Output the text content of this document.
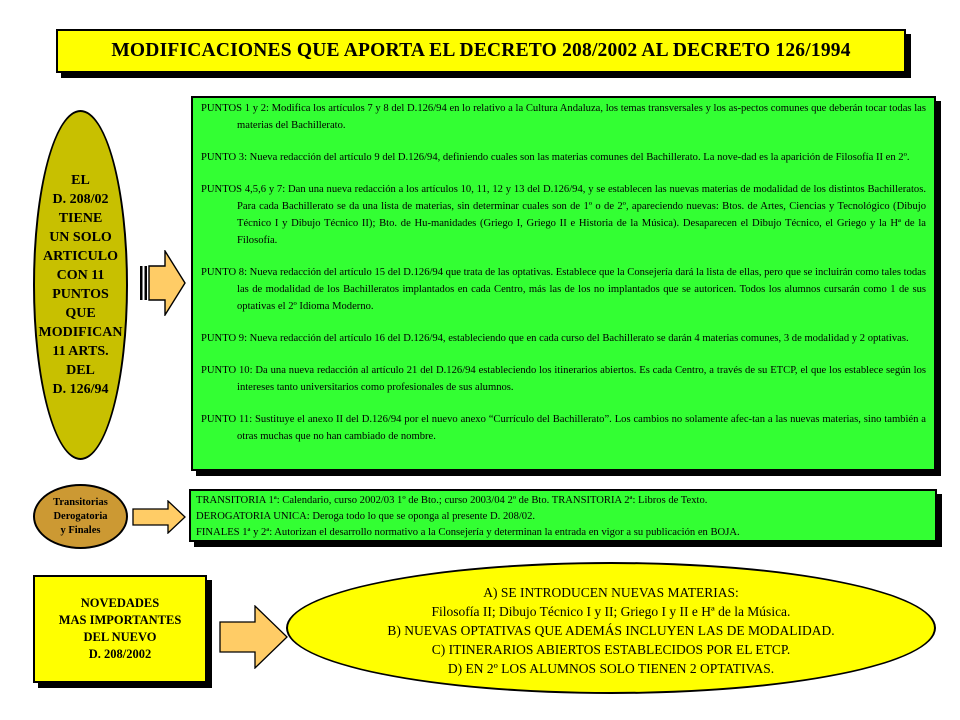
MODIFICACIONES QUE APORTA EL DECRETO 208/2002 AL DECRETO 126/1994
EL
D. 208/02
TIENE
UN SOLO
ARTICULO
CON 11
PUNTOS
QUE
MODIFICAN
11 ARTS.
DEL
D. 126/94

PUNTOS 1 y 2: Modifica los artículos 7 y 8 del D.126/94 en lo relativo a la Cultura Andaluza, los temas transversales y los as-pectos comunes que deberán tocar todas las materias del Bachillerato.

PUNTO 3: Nueva redacción del artículo 9 del D.126/94, definiendo cuales son las materias comunes del Bachillerato. La nove-dad es la aparición de Filosofía II en 2º.

PUNTOS 4,5,6 y 7: Dan una nueva redacción a los artículos 10, 11, 12 y 13 del D.126/94, y se establecen las nuevas materias de modalidad de los distintos Bachilleratos. Para cada Bachillerato se da una lista de materias, sin determinar cuales son de 1º o de 2º, apareciendo nuevas: Btos. de Artes, Ciencias y Tecnológico (Dibujo Técnico I y Dibujo Técnico II); Bto. de Hu-manidades (Griego I, Griego II e Historia de la Música). Desaparecen el Dibujo Técnico, el Griego y la Hª de la Filosofía.

PUNTO 8: Nueva redacción del artículo 15 del D.126/94 que trata de las optativas. Establece que la Consejería dará la lista de ellas, pero que se incluirán como tales todas las de modalidad de los Bachilleratos implantados en cada Centro, más las de los no implantados que se autoricen. Todos los alumnos cursarán como 1 de sus optativas el 2º Idioma Moderno.

PUNTO 9: Nueva redacción del artículo 16 del D.126/94, estableciendo que en cada curso del Bachillerato se darán 4 materias comunes, 3 de modalidad y 2 optativas.

PUNTO 10: Da una nueva redacción al artículo 21 del D.126/94 estableciendo los itinerarios abiertos. Es cada Centro, a través de su ETCP, el que los establece según los intereses tanto universitarios como profesionales de sus alumnos.

PUNTO 11: Sustituye el anexo II del D.126/94 por el nuevo anexo “Currículo del Bachillerato”. Los cambios no solamente afec-tan a las nuevas materias, sino también a otras muchas que no han cambiado de nombre.

Transitorias
Derogatoria
y Finales
TRANSITORIA 1ª: Calendario, curso 2002/03 1º de Bto.; curso 2003/04 2º de Bto. TRANSITORIA 2ª: Libros de Texto.
DEROGATORIA UNICA: Deroga todo lo que se oponga al presente D. 208/02.
FINALES 1ª y 2ª: Autorizan el desarrollo normativo a la Consejería y determinan la entrada en vigor a su publicación en BOJA.
NOVEDADES
MAS IMPORTANTES
DEL NUEVO
D. 208/2002
A) SE INTRODUCEN NUEVAS MATERIAS:
Filosofía II; Dibujo Técnico I y II; Griego I y II e Hª de la Música.
B) NUEVAS OPTATIVAS QUE ADEMÁS INCLUYEN LAS DE MODALIDAD.
C) ITINERARIOS ABIERTOS ESTABLECIDOS POR EL ETCP.
D) EN 2º LOS ALUMNOS SOLO TIENEN 2 OPTATIVAS.
